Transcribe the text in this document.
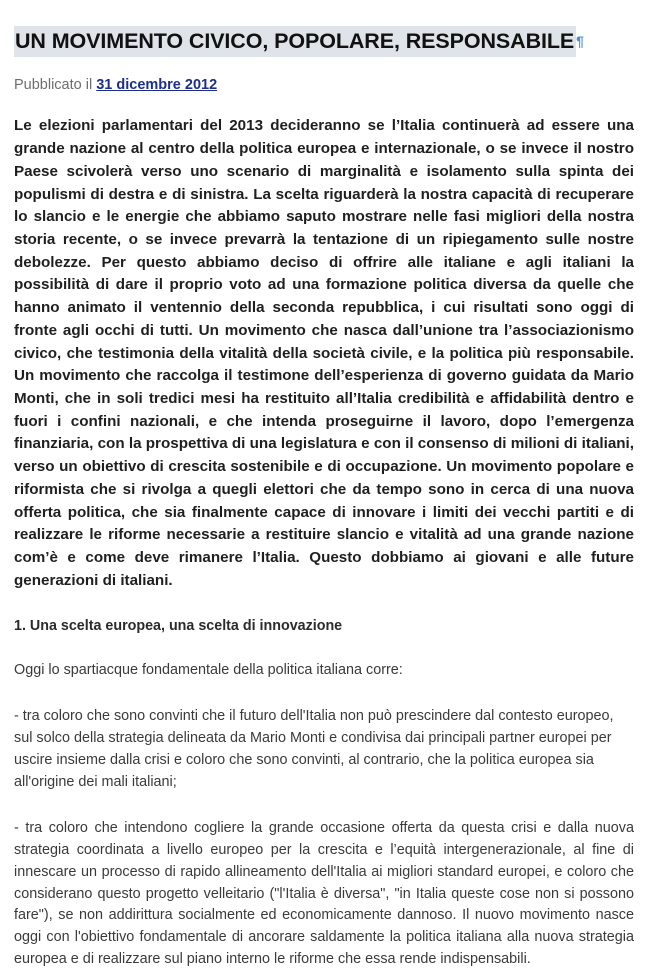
UN MOVIMENTO CIVICO, POPOLARE, RESPONSABILE ¶

Pubblicato il 31 dicembre 2012

Le elezioni parlamentari del 2013 decideranno se l’Italia continuerà ad essere una grande nazione al centro della politica europea e internazionale, o se invece il nostro Paese scivolerà verso uno scenario di marginalità e isolamento sulla spinta dei populismi di destra e di sinistra. La scelta riguarderà la nostra capacità di recuperare lo slancio e le energie che abbiamo saputo mostrare nelle fasi migliori della nostra storia recente, o se invece prevarrà la tentazione di un ripiegamento sulle nostre debolezze. Per questo abbiamo deciso di offrire alle italiane e agli italiani la possibilità di dare il proprio voto ad una formazione politica diversa da quelle che hanno animato il ventennio della seconda repubblica, i cui risultati sono oggi di fronte agli occhi di tutti. Un movimento che nasca dall’unione tra l’associazionismo civico, che testimonia della vitalità della società civile, e la politica più responsabile. Un movimento che raccolga il testimone dell’esperienza di governo guidata da Mario Monti, che in soli tredici mesi ha restituito all’Italia credibilità e affidabilità dentro e fuori i confini nazionali, e che intenda proseguirne il lavoro, dopo l’emergenza finanziaria, con la prospettiva di una legislatura e con il consenso di milioni di italiani, verso un obiettivo di crescita sostenibile e di occupazione. Un movimento popolare e riformista che si rivolga a quegli elettori che da tempo sono in cerca di una nuova offerta politica, che sia finalmente capace di innovare i limiti dei vecchi partiti e di realizzare le riforme necessarie a restituire slancio e vitalità ad una grande nazione com’è e come deve rimanere l’Italia. Questo dobbiamo ai giovani e alle future generazioni di italiani.

1. Una scelta europea, una scelta di innovazione

Oggi lo spartiacque fondamentale della politica italiana corre:

- tra coloro che sono convinti che il futuro dell'Italia non può prescindere dal contesto europeo, sul solco della strategia delineata da Mario Monti e condivisa dai principali partner europei per uscire insieme dalla crisi e coloro che sono convinti, al contrario, che la politica europea sia all'origine dei mali italiani;

- tra coloro che intendono cogliere la grande occasione offerta da questa crisi e dalla nuova strategia coordinata a livello europeo per la crescita e l’equità intergenerazionale, al fine di innescare un processo di rapido allineamento dell'Italia ai migliori standard europei, e coloro che considerano questo progetto velleitario ("l'Italia è diversa", "in Italia queste cose non si possono fare"), se non addirittura socialmente ed economicamente dannoso. Il nuovo movimento nasce oggi con l'obiettivo fondamentale di ancorare saldamente la politica italiana alla nuova strategia europea e di realizzare sul piano interno le riforme che essa rende indispensabili.
